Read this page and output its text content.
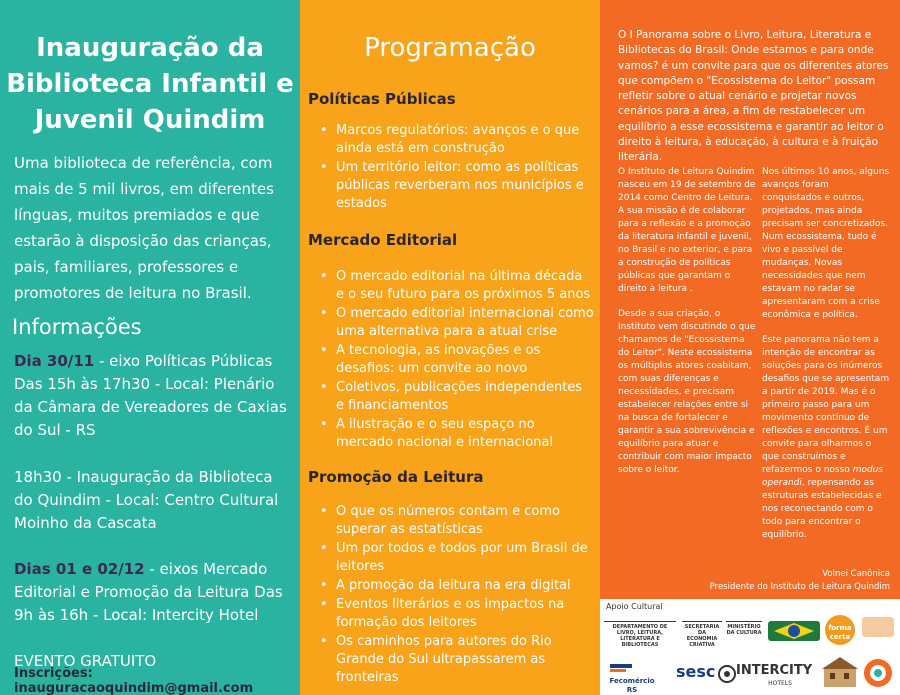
Inauguração da Biblioteca Infantil e Juvenil Quindim
Uma biblioteca de referência, com mais de 5 mil livros, em diferentes línguas, muitos premiados e que estarão à disposição das crianças, pais, familiares, professores e promotores de leitura no Brasil.
Informações
Dia 30/11 - eixo Políticas Públicas Das 15h às 17h30 - Local: Plenário da Câmara de Vereadores de Caxias do Sul - RS
18h30 - Inauguração da Biblioteca do Quindim - Local: Centro Cultural Moinho da Cascata
Dias 01 e 02/12 - eixos Mercado Editorial e Promoção da Leitura Das 9h às 16h - Local: Intercity Hotel
EVENTO GRATUITO
Inscrições: inauguracaoquindim@gmail.com
Programação
Políticas Públicas
• Marcos regulatórios: avanços e o que ainda está em construção
• Um território leitor: como as políticas públicas reverberam nos municípios e estados
Mercado Editorial
• O mercado editorial na última década e o seu futuro para os próximos 5 anos
• O mercado editorial internacional como uma alternativa para a atual crise
• A tecnologia, as inovações e os desafios: um convite ao novo
• Coletivos, publicações independentes e financiamentos
• A ilustração e o seu espaço no mercado nacional e internacional
Promoção da Leitura
• O que os números contam e como superar as estatísticas
• Um por todos e todos por um Brasil de leitores
• A promoção da leitura na era digital
• Eventos literários e os impactos na formação dos leitores
• Os caminhos para autores do Rio Grande do Sul ultrapassarem as fronteiras

O I Panorama sobre o Livro, Leitura, Literatura e Bibliotecas do Brasil: Onde estamos e para onde vamos? é um convite para que os diferentes atores que compõem o "Ecossistema do Leitor" possam refletir sobre o atual cenário e projetar novos cenários para a área, a fim de restabelecer um equilíbrio a esse ecossistema e garantir ao leitor o direito à leitura, à educação, à cultura e à fruição literária.

O Instituto de Leitura Quindim nasceu em 19 de setembro de 2014 como Centro de Leitura. A sua missão é de colaborar para a reflexão e a promoção da literatura infantil e juvenil, no Brasil e no exterior, e para a construção de políticas públicas que garantam o direito à leitura .

Desde a sua criação, o Instituto vem discutindo o que chamamos de "Ecossistema do Leitor". Neste ecossistema os múltiplos atores coabitam, com suas diferenças e necessidades, e precisam estabelecer relações entre si na busca de fortalecer e garantir a sua sobrevivência e equilíbrio para atuar e contribuir com maior impacto sobre o leitor.

Nos últimos 10 anos, alguns avanços foram conquistados e outros, projetados, mas ainda precisam ser concretizados. Num ecossistema, tudo é vivo e passível de mudanças. Novas necessidades que nem estavam no radar se apresentaram com a crise econômica e política.

Este panorama não tem a intenção de encontrar as soluções para os inúmeros desafios que se apresentam a partir de 2019. Mas é o primeiro passo para um movimento contínuo de reflexões e encontros. É um convite para olharmos o que construímos e refazermos o nosso modus operandi, repensando as estruturas estabelecidas e nos reconectando com o todo para encontrar o equilíbrio.

Volnei Canônica
Presidente do Instituto de Leitura Quindim
Apoio Cultural
DEPARTAMENTO DE LIVRO, LEITURA, LITERATURA E BIBLIOTECAS
SECRETARIA DA ECONOMIA CRIATIVA
MINISTÉRIO DA CULTURA
forma certa
Fecomércio RS
sesc INTERCITY
HOTELS
